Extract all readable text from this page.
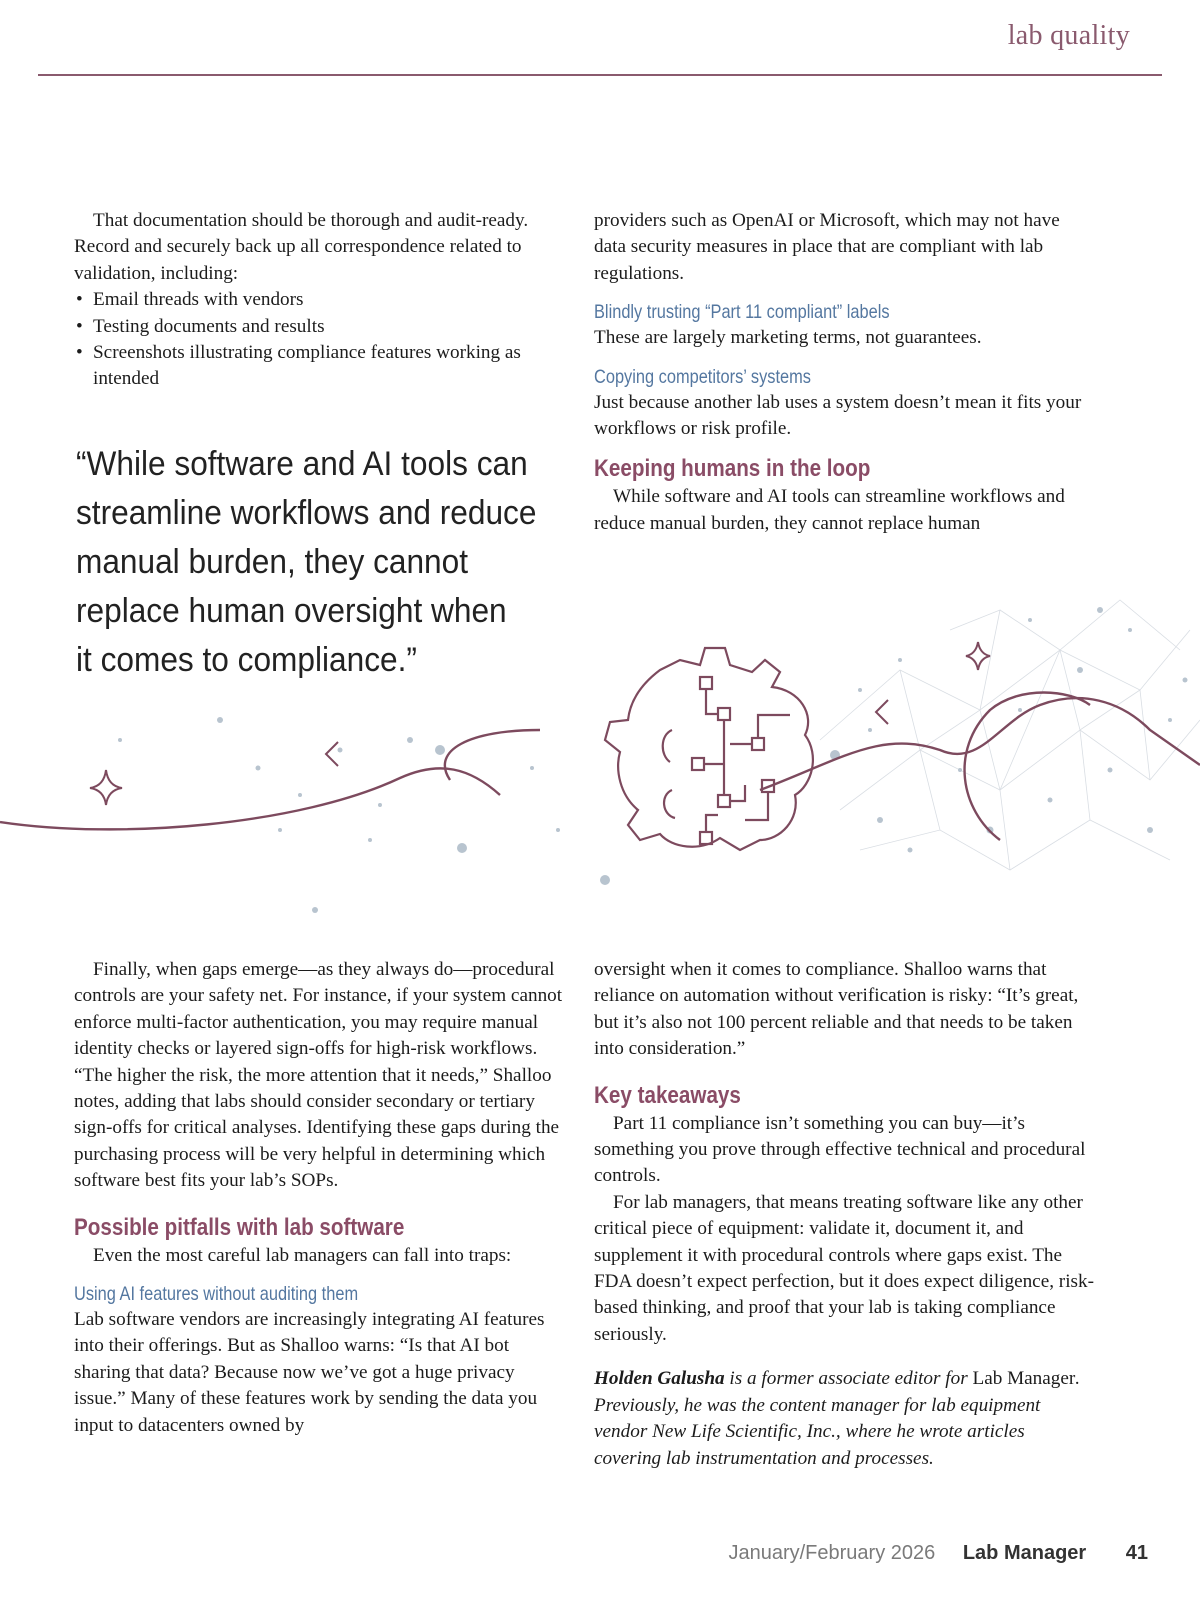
lab quality

That documentation should be thorough and audit-ready. Record and securely back up all correspondence related to validation, including:

• Email threads with vendors
• Testing documents and results
• Screenshots illustrating compliance features working as intended
“While software and AI tools can
streamline workflows and reduce
manual burden, they cannot
replace human oversight when
it comes to compliance.”

providers such as OpenAI or Microsoft, which may not have data security measures in place that are compliant with lab regulations.

Blindly trusting “Part 11 compliant” labels

These are largely marketing terms, not guarantees.

Copying competitors’ systems

Just because another lab uses a system doesn’t mean it fits your workflows or risk profile.

Keeping humans in the loop

While software and AI tools can streamline workflows and reduce manual burden, they cannot replace human

Finally, when gaps emerge—as they always do—procedural controls are your safety net. For instance, if your system cannot enforce multi-factor authentication, you may require manual identity checks or layered sign-offs for high-risk workflows. “The higher the risk, the more attention that it needs,” Shalloo notes, adding that labs should consider secondary or tertiary sign-offs for critical analyses. Identifying these gaps during the purchasing process will be very helpful in determining which software best fits your lab’s SOPs.

Possible pitfalls with lab software

Even the most careful lab managers can fall into traps:

Using AI features without auditing them

Lab software vendors are increasingly integrating AI features into their offerings. But as Shalloo warns: “Is that AI bot sharing that data? Because now we’ve got a huge privacy issue.” Many of these features work by sending the data you input to datacenters owned by

oversight when it comes to compliance. Shalloo warns that reliance on automation without verification is risky: “It’s great, but it’s also not 100 percent reliable and that needs to be taken into consideration.”

Key takeaways

Part 11 compliance isn’t something you can buy—it’s something you prove through effective technical and procedural controls.

For lab managers, that means treating software like any other critical piece of equipment: validate it, document it, and supplement it with procedural controls where gaps exist. The FDA doesn’t expect perfection, but it does expect diligence, risk-based thinking, and proof that your lab is taking compliance seriously.

Holden Galusha is a former associate editor for Lab Manager. Previously, he was the content manager for lab equipment vendor New Life Scientific, Inc., where he wrote articles covering lab instrumentation and processes.

January/February 2026 Lab Manager 41
